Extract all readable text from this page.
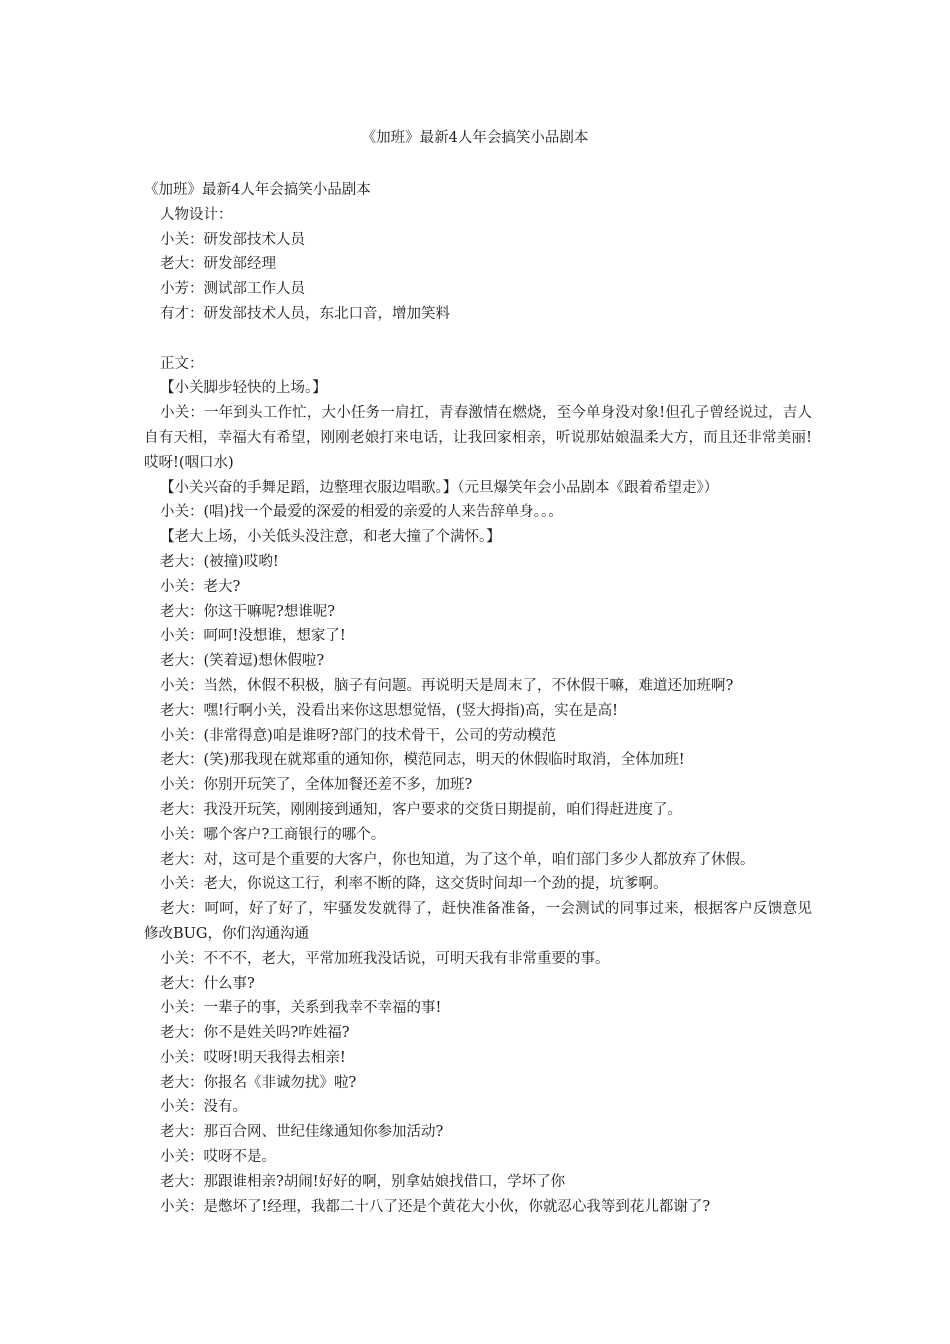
《加班》最新4人年会搞笑小品剧本
《加班》最新4人年会搞笑小品剧本
人物设计：
小关：研发部技术人员
老大：研发部经理
小芳：测试部工作人员
有才：研发部技术人员，东北口音，增加笑料
正文：
【小关脚步轻快的上场。】
小关：一年到头工作忙，大小任务一肩扛，青春激情在燃烧，至今单身没对象!但孔子曾经说过，吉人自有天相，幸福大有希望，刚刚老娘打来电话，让我回家相亲，听说那姑娘温柔大方，而且还非常美丽!哎呀!(咽口水)
【小关兴奋的手舞足蹈，边整理衣服边唱歌。】（元旦爆笑年会小品剧本《跟着希望走》）
小关：(唱)找一个最爱的深爱的相爱的亲爱的人来告辞单身。。。
【老大上场，小关低头没注意，和老大撞了个满怀。】
老大：(被撞)哎哟!
小关：老大?
老大：你这干嘛呢?想谁呢?
小关：呵呵!没想谁，想家了!
老大：(笑着逗)想休假啦?
小关：当然，休假不积极，脑子有问题。再说明天是周末了，不休假干嘛，难道还加班啊?
老大：嘿!行啊小关，没看出来你这思想觉悟，(竖大拇指)高，实在是高!
小关：(非常得意)咱是谁呀?部门的技术骨干，公司的劳动模范
老大：(笑)那我现在就郑重的通知你，模范同志，明天的休假临时取消，全体加班!
小关：你别开玩笑了，全体加餐还差不多，加班?
老大：我没开玩笑，刚刚接到通知，客户要求的交货日期提前，咱们得赶进度了。
小关：哪个客户?工商银行的哪个。
老大：对，这可是个重要的大客户，你也知道，为了这个单，咱们部门多少人都放弃了休假。
小关：老大，你说这工行，利率不断的降，这交货时间却一个劲的提，坑爹啊。
老大：呵呵，好了好了，牢骚发发就得了，赶快准备准备，一会测试的同事过来，根据客户反馈意见修改BUG，你们沟通沟通
小关：不不不，老大，平常加班我没话说，可明天我有非常重要的事。
老大：什么事?
小关：一辈子的事，关系到我幸不幸福的事!
老大：你不是姓关吗?咋姓福?
小关：哎呀!明天我得去相亲!
老大：你报名《非诚勿扰》啦?
小关：没有。
老大：那百合网、世纪佳缘通知你参加活动?
小关：哎呀不是。
老大：那跟谁相亲?胡闹!好好的啊，别拿姑娘找借口，学坏了你
小关：是憋坏了!经理，我都二十八了还是个黄花大小伙，你就忍心我等到花儿都谢了?
